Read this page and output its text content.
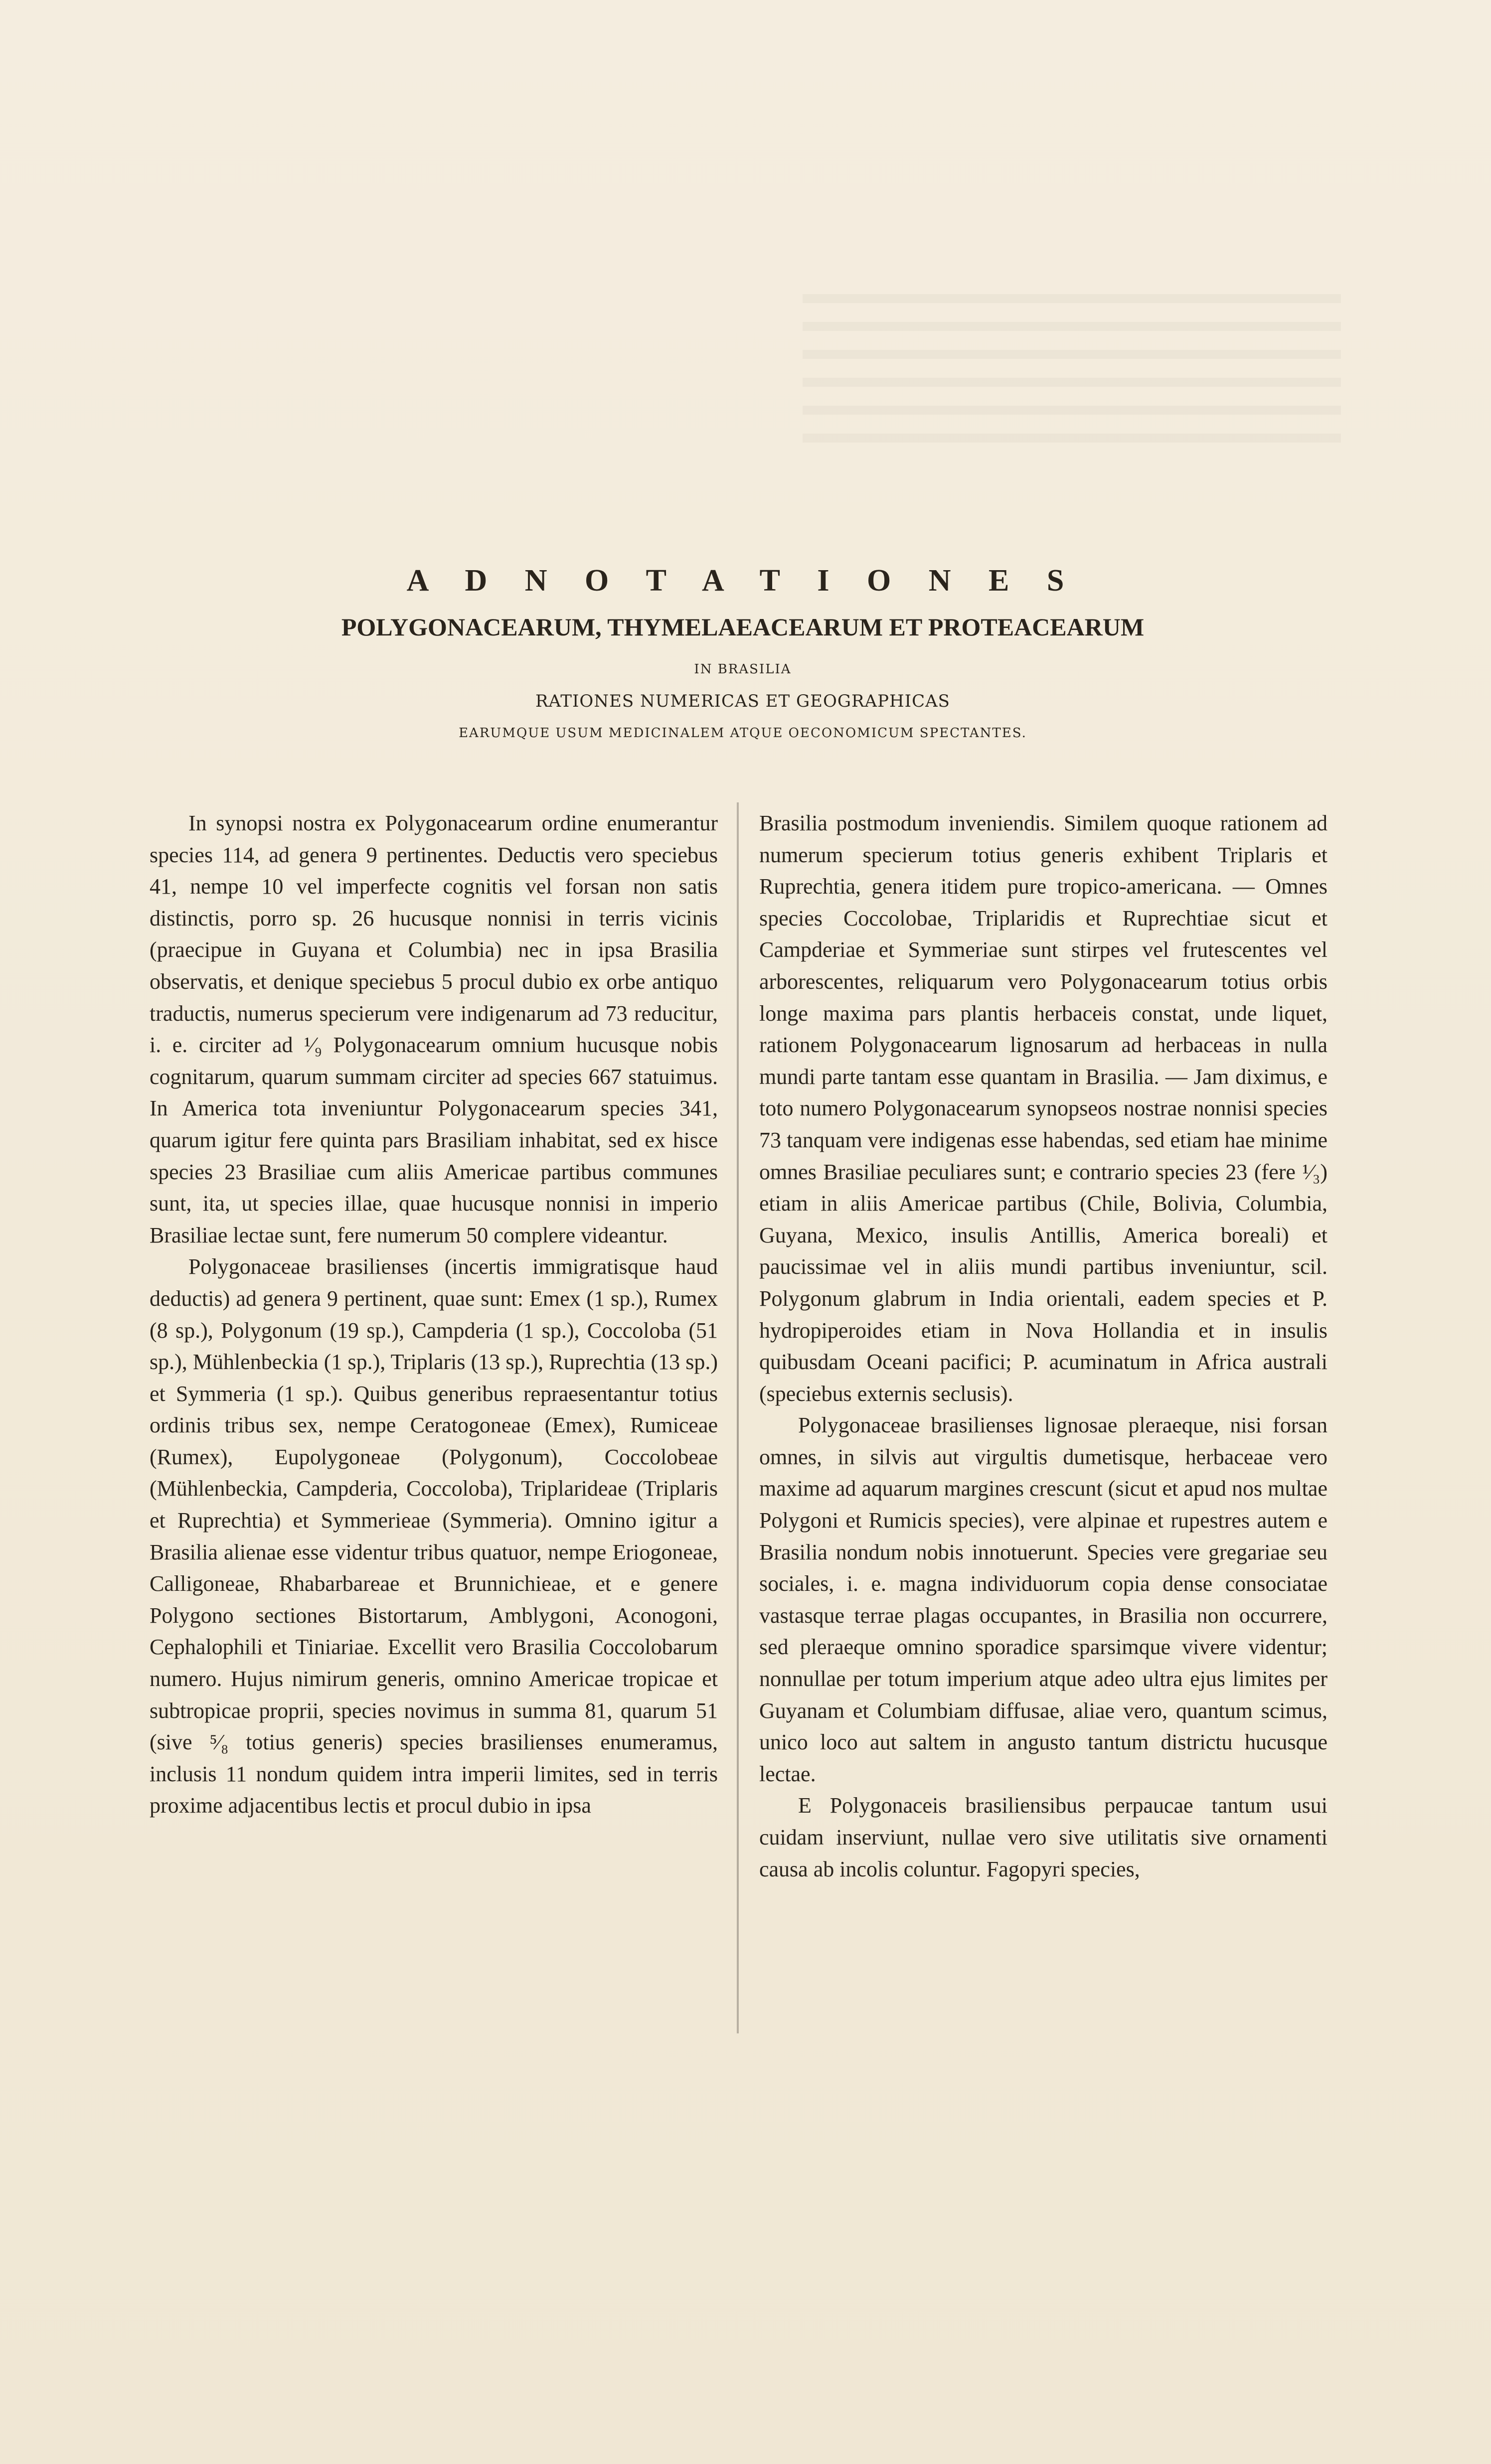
A D N O T A T I O N E S
POLYGONACEARUM, THYMELAEACEARUM ET PROTEACEARUM
IN BRASILIA
RATIONES NUMERICAS ET GEOGRAPHICAS
EARUMQUE USUM MEDICINALEM ATQUE OECONOMICUM SPECTANTES.

In synopsi nostra ex Polygonacearum ordine enumerantur species 114, ad genera 9 pertinentes. Deductis vero speciebus 41, nempe 10 vel imperfecte cognitis vel forsan non satis distinctis, porro sp. 26 hucusque nonnisi in terris vicinis (praecipue in Guyana et Columbia) nec in ipsa Brasilia observatis, et denique speciebus 5 procul dubio ex orbe antiquo traductis, numerus specierum vere indigenarum ad 73 reducitur, i. e. circiter ad ¹⁄₉ Polygonacearum omnium hucusque nobis cognitarum, quarum summam circiter ad species 667 statuimus. In America tota inveniuntur Polygonacearum species 341, quarum igitur fere quinta pars Brasiliam inhabitat, sed ex hisce species 23 Brasiliae cum aliis Americae partibus communes sunt, ita, ut species illae, quae hucusque nonnisi in imperio Brasiliae lectae sunt, fere numerum 50 complere videantur.

Polygonaceae brasilienses (incertis immigratisque haud deductis) ad genera 9 pertinent, quae sunt: Emex (1 sp.), Rumex (8 sp.), Polygonum (19 sp.), Campderia (1 sp.), Coccoloba (51 sp.), Mühlenbeckia (1 sp.), Triplaris (13 sp.), Ruprechtia (13 sp.) et Symmeria (1 sp.). Quibus generibus repraesentantur totius ordinis tribus sex, nempe Ceratogoneae (Emex), Rumiceae (Rumex), Eupolygoneae (Polygonum), Coccolobeae (Mühlenbeckia, Campderia, Coccoloba), Triplarideae (Triplaris et Ruprechtia) et Symmerieae (Symmeria). Omnino igitur a Brasilia alienae esse videntur tribus quatuor, nempe Eriogoneae, Calligoneae, Rhabarbareae et Brunnichieae, et e genere Polygono sectiones Bistortarum, Amblygoni, Aconogoni, Cephalophili et Tiniariae. Excellit vero Brasilia Coccolobarum numero. Hujus nimirum generis, omnino Americae tropicae et subtropicae proprii, species novimus in summa 81, quarum 51 (sive ⁵⁄₈ totius generis) species brasilienses enumeramus, inclusis 11 nondum quidem intra imperii limites, sed in terris proxime adjacentibus lectis et procul dubio in ipsa

Brasilia postmodum inveniendis. Similem quoque rationem ad numerum specierum totius generis exhibent Triplaris et Ruprechtia, genera itidem pure tropico-americana. — Omnes species Coccolobae, Triplaridis et Ruprechtiae sicut et Campderiae et Symmeriae sunt stirpes vel frutescentes vel arborescentes, reliquarum vero Polygonacearum totius orbis longe maxima pars plantis herbaceis constat, unde liquet, rationem Polygonacearum lignosarum ad herbaceas in nulla mundi parte tantam esse quantam in Brasilia. — Jam diximus, e toto numero Polygonacearum synopseos nostrae nonnisi species 73 tanquam vere indigenas esse habendas, sed etiam hae minime omnes Brasiliae peculiares sunt; e contrario species 23 (fere ¹⁄₃) etiam in aliis Americae partibus (Chile, Bolivia, Columbia, Guyana, Mexico, insulis Antillis, America boreali) et paucissimae vel in aliis mundi partibus inveniuntur, scil. Polygonum glabrum in India orientali, eadem species et P. hydropiperoides etiam in Nova Hollandia et in insulis quibusdam Oceani pacifici; P. acuminatum in Africa australi (speciebus externis seclusis).

Polygonaceae brasilienses lignosae pleraeque, nisi forsan omnes, in silvis aut virgultis dumetisque, herbaceae vero maxime ad aquarum margines crescunt (sicut et apud nos multae Polygoni et Rumicis species), vere alpinae et rupestres autem e Brasilia nondum nobis innotuerunt. Species vere gregariae seu sociales, i. e. magna individuorum copia dense consociatae vastasque terrae plagas occupantes, in Brasilia non occurrere, sed pleraeque omnino sporadice sparsimque vivere videntur; nonnullae per totum imperium atque adeo ultra ejus limites per Guyanam et Columbiam diffusae, aliae vero, quantum scimus, unico loco aut saltem in angusto tantum districtu hucusque lectae.

E Polygonaceis brasiliensibus perpaucae tantum usui cuidam inserviunt, nullae vero sive utilitatis sive ornamenti causa ab incolis coluntur. Fagopyri species,
